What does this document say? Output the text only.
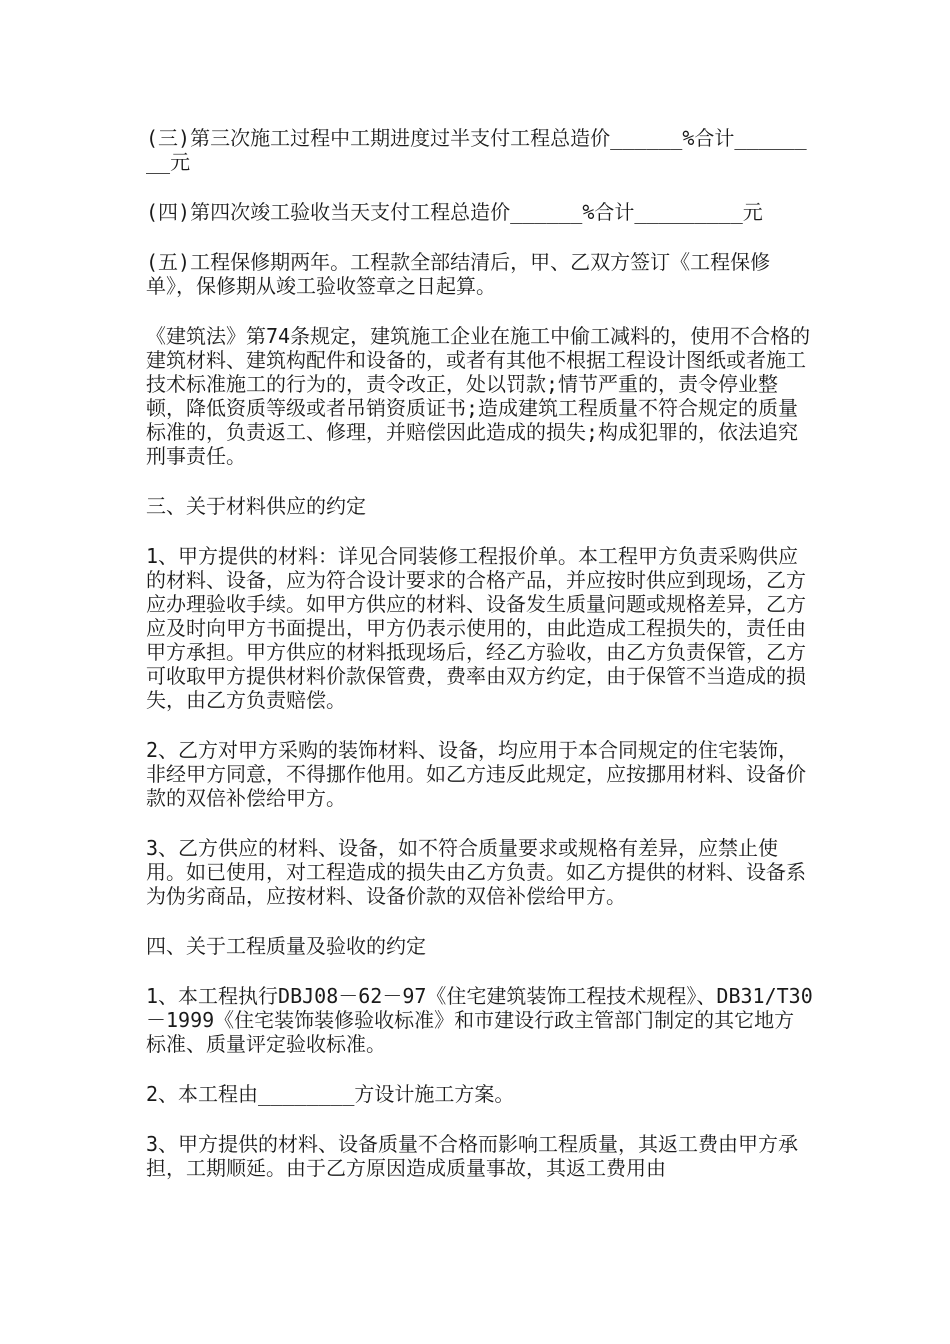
(三)第三次施工过程中工期进度过半支付工程总造价______%合计________元

(四)第四次竣工验收当天支付工程总造价______%合计_________元

(五)工程保修期两年。工程款全部结清后，甲、乙双方签订《工程保修单》，保修期从竣工验收签章之日起算。

《建筑法》第74条规定，建筑施工企业在施工中偷工减料的，使用不合格的建筑材料、建筑构配件和设备的，或者有其他不根据工程设计图纸或者施工技术标准施工的行为的，责令改正，处以罚款;情节严重的，责令停业整顿，降低资质等级或者吊销资质证书;造成建筑工程质量不符合规定的质量标准的，负责返工、修理，并赔偿因此造成的损失;构成犯罪的，依法追究刑事责任。

三、关于材料供应的约定

1、甲方提供的材料：详见合同装修工程报价单。本工程甲方负责采购供应的材料、设备，应为符合设计要求的合格产品，并应按时供应到现场，乙方应办理验收手续。如甲方供应的材料、设备发生质量问题或规格差异，乙方应及时向甲方书面提出，甲方仍表示使用的，由此造成工程损失的，责任由甲方承担。甲方供应的材料抵现场后，经乙方验收，由乙方负责保管，乙方可收取甲方提供材料价款保管费，费率由双方约定，由于保管不当造成的损失，由乙方负责赔偿。

2、乙方对甲方采购的装饰材料、设备，均应用于本合同规定的住宅装饰，非经甲方同意，不得挪作他用。如乙方违反此规定，应按挪用材料、设备价款的双倍补偿给甲方。

3、乙方供应的材料、设备，如不符合质量要求或规格有差异，应禁止使用。如已使用，对工程造成的损失由乙方负责。如乙方提供的材料、设备系为伪劣商品，应按材料、设备价款的双倍补偿给甲方。

四、关于工程质量及验收的约定

1、本工程执行DBJ08－62－97《住宅建筑装饰工程技术规程》、DB31/T30－1999《住宅装饰装修验收标准》和市建设行政主管部门制定的其它地方标准、质量评定验收标准。

2、本工程由________方设计施工方案。

3、甲方提供的材料、设备质量不合格而影响工程质量，其返工费由甲方承担，工期顺延。由于乙方原因造成质量事故，其返工费用由
